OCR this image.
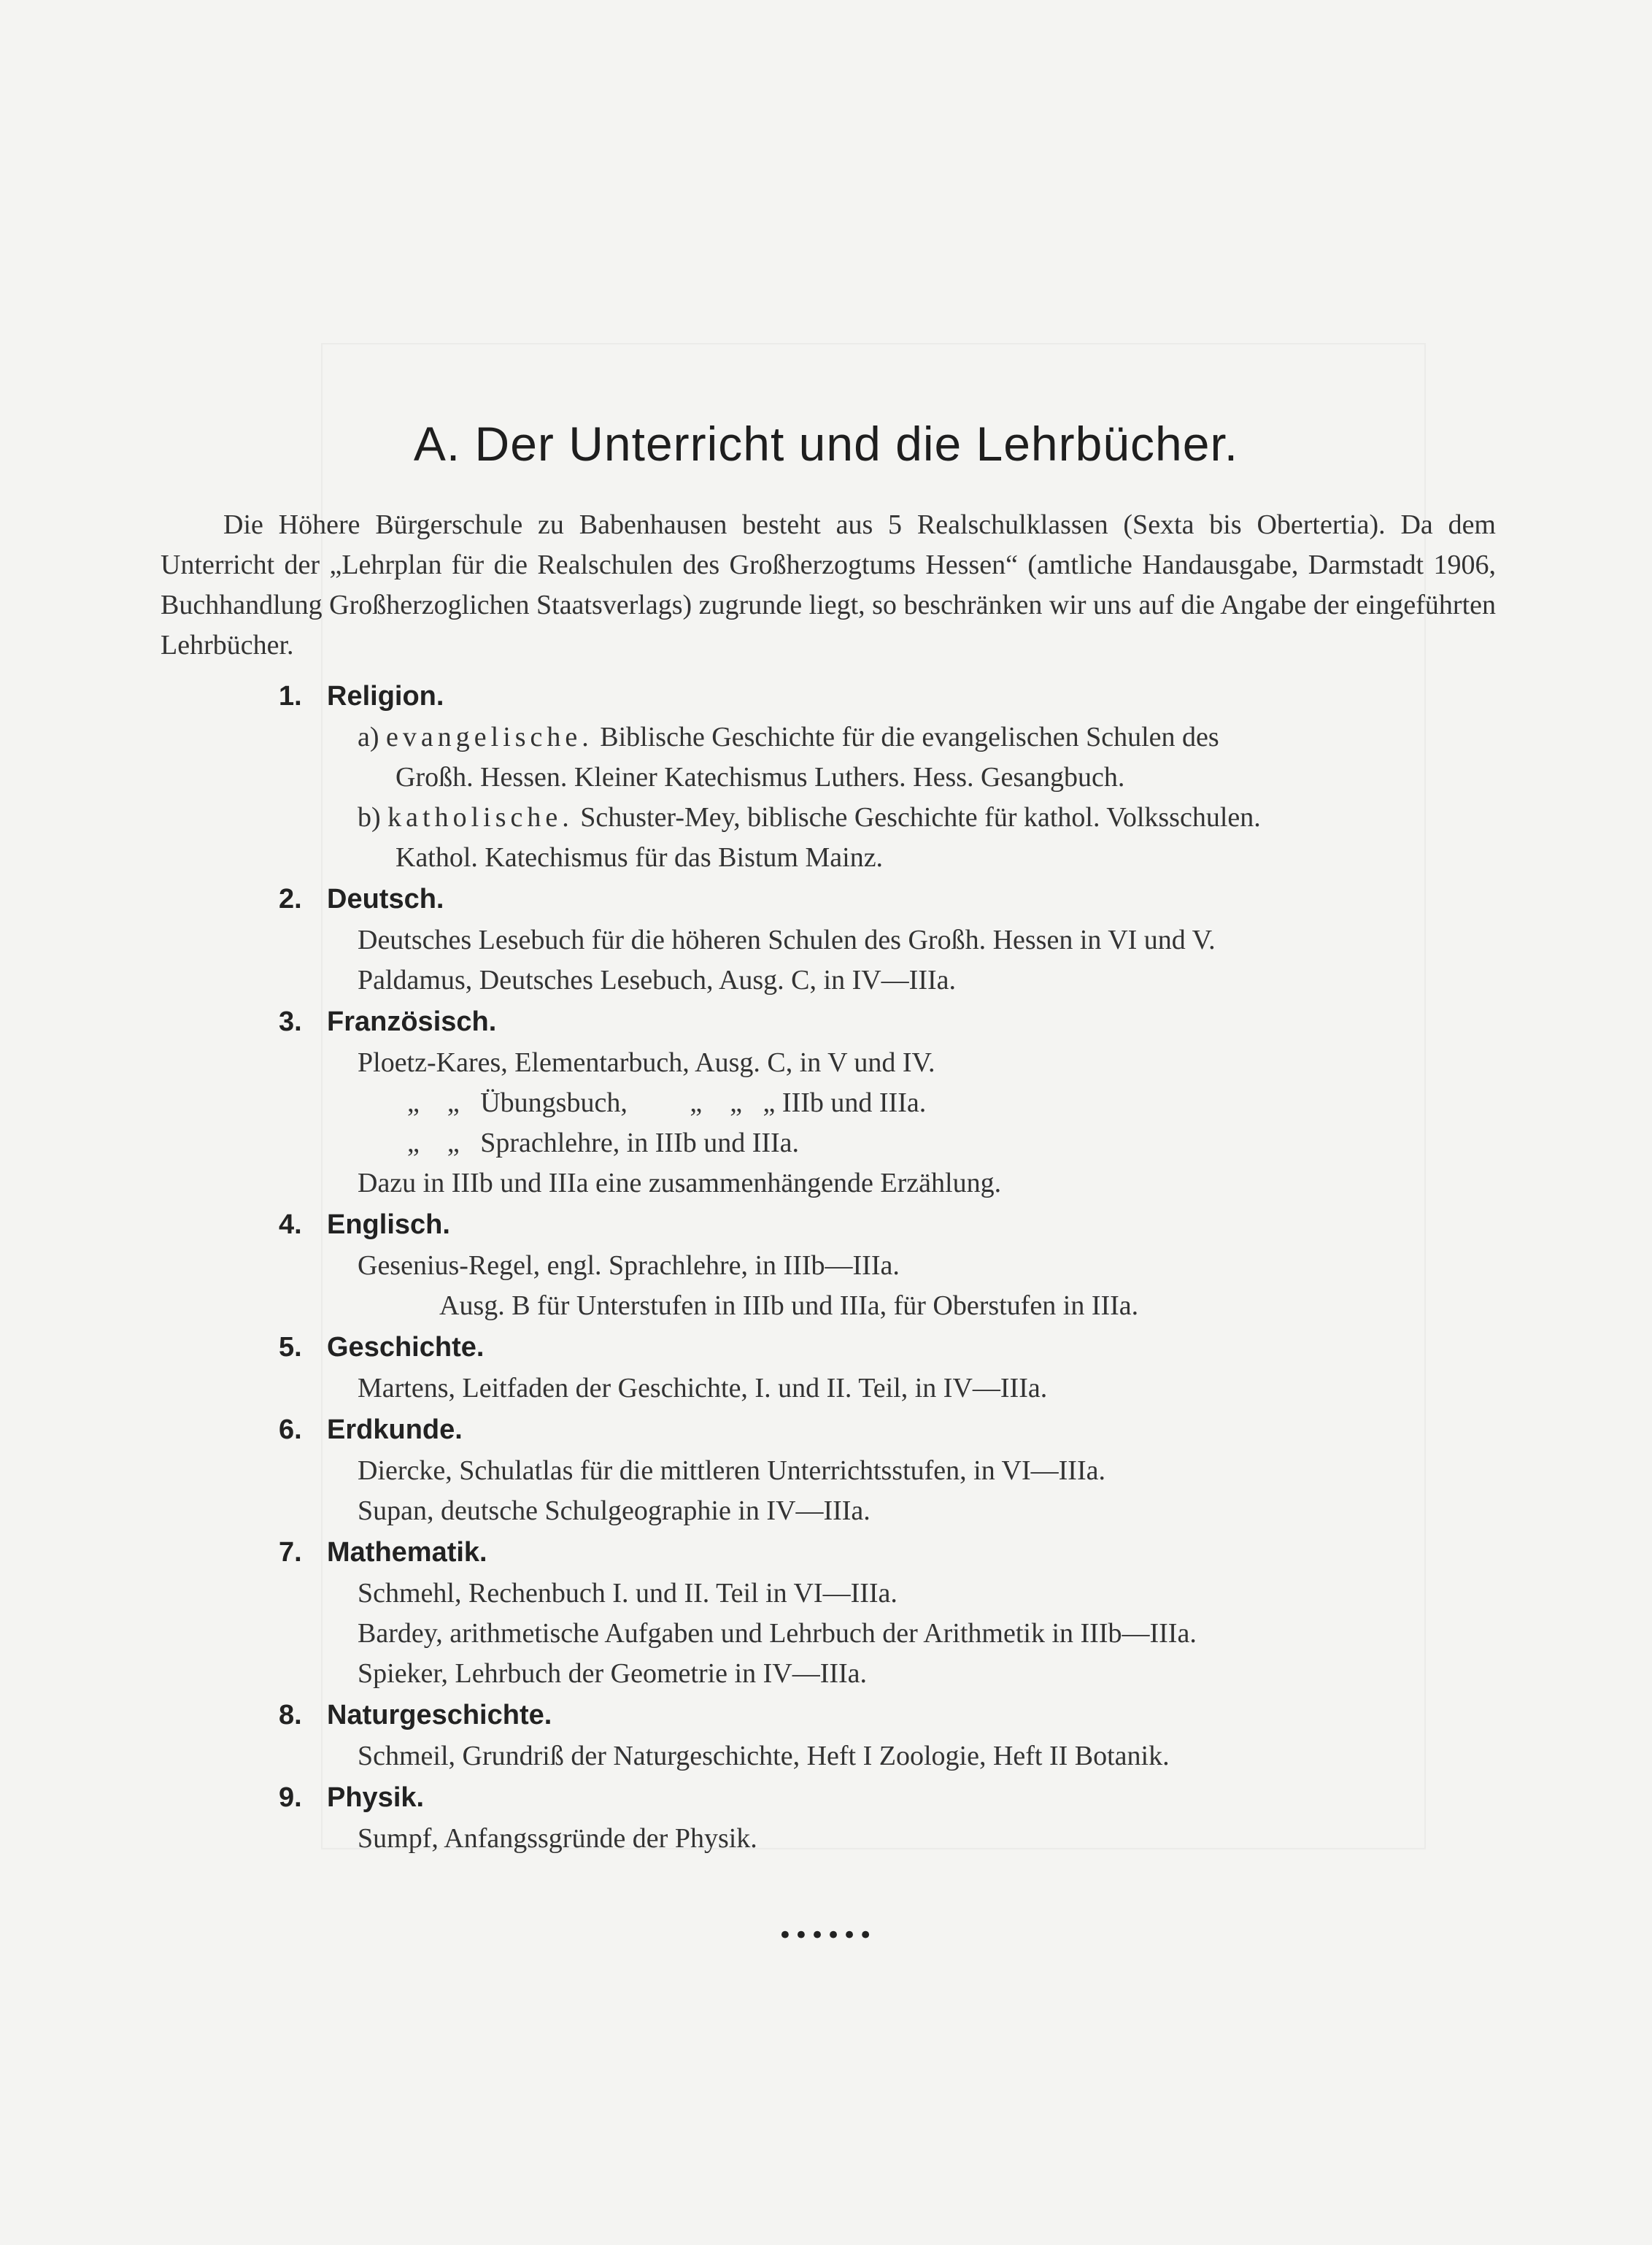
A. Der Unterricht und die Lehrbücher.

Die Höhere Bürgerschule zu Babenhausen besteht aus 5 Realschulklassen (Sexta bis Obertertia). Da dem Unterricht der „Lehrplan für die Realschulen des Großherzogtums Hessen“ (amtliche Handausgabe, Darmstadt 1906, Buchhandlung Großherzoglichen Staatsverlags) zugrunde liegt, so beschränken wir uns auf die Angabe der eingeführten Lehrbücher.

1. Religion.
a) evangelische. Biblische Geschichte für die evangelischen Schulen des
Großh. Hessen. Kleiner Katechismus Luthers. Hess. Gesangbuch.
b) katholische. Schuster-Mey, biblische Geschichte für kathol. Volksschulen.
Kathol. Katechismus für das Bistum Mainz.
2. Deutsch.
Deutsches Lesebuch für die höheren Schulen des Großh. Hessen in VI und V.
Paldamus, Deutsches Lesebuch, Ausg. C, in IV—IIIa.
3. Französisch.
Ploetz-Kares, Elementarbuch, Ausg. C, in V und IV.
„    „   Übungsbuch,         „    „   „ IIIb und IIIa.
„    „   Sprachlehre, in IIIb und IIIa.
Dazu in IIIb und IIIa eine zusammenhängende Erzählung.
4. Englisch.
Gesenius-Regel, engl. Sprachlehre, in IIIb—IIIa.
Ausg. B für Unterstufen in IIIb und IIIa, für Oberstufen in IIIa.
5. Geschichte.
Martens, Leitfaden der Geschichte, I. und II. Teil, in IV—IIIa.
6. Erdkunde.
Diercke, Schulatlas für die mittleren Unterrichtsstufen, in VI—IIIa.
Supan, deutsche Schulgeographie in IV—IIIa.
7. Mathematik.
Schmehl, Rechenbuch I. und II. Teil in VI—IIIa.
Bardey, arithmetische Aufgaben und Lehrbuch der Arithmetik in IIIb—IIIa.
Spieker, Lehrbuch der Geometrie in IV—IIIa.
8. Naturgeschichte.
Schmeil, Grundriß der Naturgeschichte, Heft I Zoologie, Heft II Botanik.
9. Physik.
Sumpf, Anfangssgründe der Physik.
••••••
